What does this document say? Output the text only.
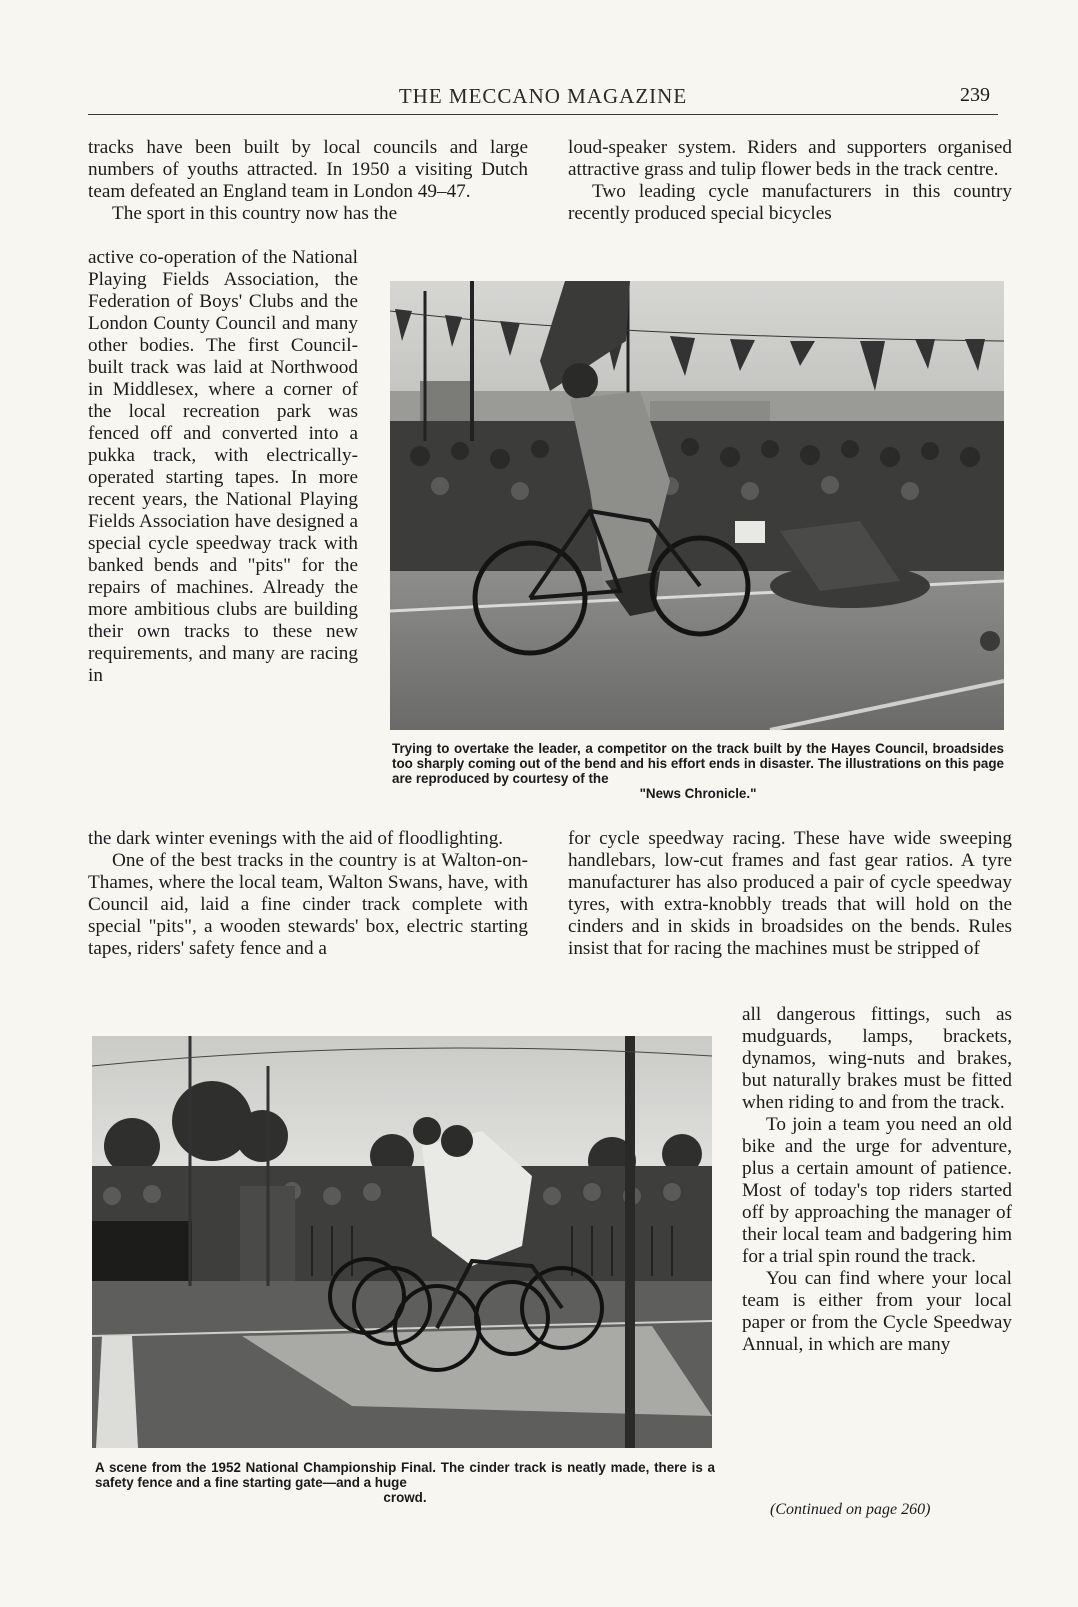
THE MECCANO MAGAZINE	239

tracks have been built by local councils and large numbers of youths attracted. In 1950 a visiting Dutch team defeated an England team in London 49–47.

The sport in this country now has the

active co-operation of the National Playing Fields Association, the Federation of Boys' Clubs and the London County Council and many other bodies. The first Council-built track was laid at Northwood in Middlesex, where a corner of the local recreation park was fenced off and converted into a pukka track, with electrically-operated starting tapes. In more recent years, the National Playing Fields Association have designed a special cycle speedway track with banked bends and "pits" for the repairs of machines. Already the more ambitious clubs are building their own tracks to these new requirements, and many are racing in

the dark winter evenings with the aid of floodlighting.

One of the best tracks in the country is at Walton-on-Thames, where the local team, Walton Swans, have, with Council aid, laid a fine cinder track complete with special "pits", a wooden stewards' box, electric starting tapes, riders' safety fence and a

loud-speaker system. Riders and supporters organised attractive grass and tulip flower beds in the track centre.

Two leading cycle manufacturers in this country recently produced special bicycles

Trying to overtake the leader, a competitor on the track built by the Hayes Council, broadsides too sharply coming out of the bend and his effort ends in disaster. The illustrations on this page are reproduced by courtesy of the
"News Chronicle."

for cycle speedway racing. These have wide sweeping handlebars, low-cut frames and fast gear ratios. A tyre manufacturer has also produced a pair of cycle speedway tyres, with extra-knobbly treads that will hold on the cinders and in skids in broadsides on the bends. Rules insist that for racing the machines must be stripped of

all dangerous fittings, such as mudguards, lamps, brackets, dynamos, wing-nuts and brakes, but naturally brakes must be fitted when riding to and from the track.

To join a team you need an old bike and the urge for adventure, plus a certain amount of patience. Most of today's top riders started off by approaching the manager of their local team and badgering him for a trial spin round the track.

You can find where your local team is either from your local paper or from the Cycle Speedway Annual, in which are many

(Continued on page 260)
A scene from the 1952 National Championship Final. The cinder track is neatly made, there is a safety fence and a fine starting gate—and a huge
crowd.
